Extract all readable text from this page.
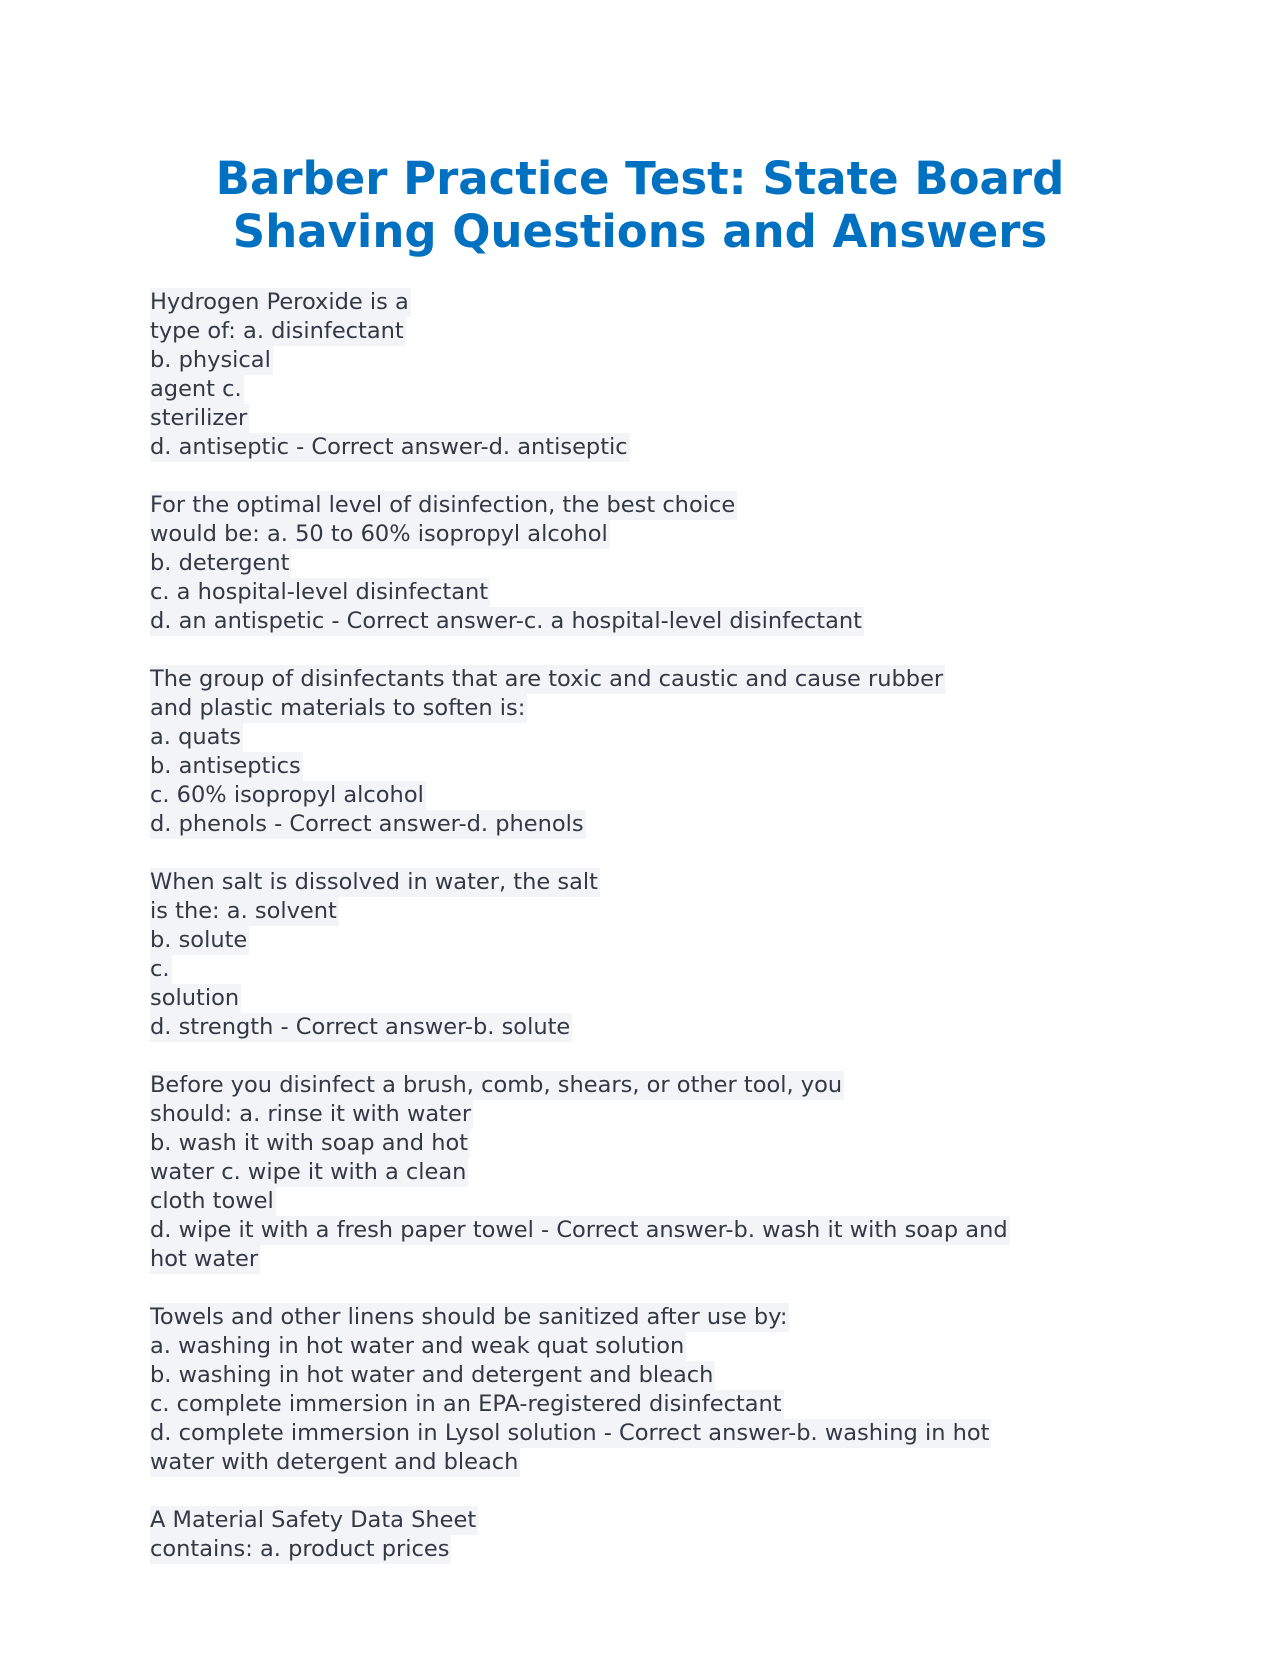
Barber Practice Test: State Board
Shaving Questions and Answers
Hydrogen Peroxide is a
type of: a. disinfectant
b. physical
agent c.
sterilizer
d. antiseptic - Correct answer-d. antiseptic
For the optimal level of disinfection, the best choice
would be: a. 50 to 60% isopropyl alcohol
b. detergent
c. a hospital-level disinfectant
d. an antispetic - Correct answer-c. a hospital-level disinfectant
The group of disinfectants that are toxic and caustic and cause rubber
and plastic materials to soften is:
a. quats
b. antiseptics
c. 60% isopropyl alcohol
d. phenols - Correct answer-d. phenols
When salt is dissolved in water, the salt
is the: a. solvent
b. solute
c.
solution
d. strength - Correct answer-b. solute
Before you disinfect a brush, comb, shears, or other tool, you
should: a. rinse it with water
b. wash it with soap and hot
water c. wipe it with a clean
cloth towel
d. wipe it with a fresh paper towel - Correct answer-b. wash it with soap and
hot water
Towels and other linens should be sanitized after use by:
a. washing in hot water and weak quat solution
b. washing in hot water and detergent and bleach
c. complete immersion in an EPA-registered disinfectant
d. complete immersion in Lysol solution - Correct answer-b. washing in hot
water with detergent and bleach
A Material Safety Data Sheet
contains: a. product prices
